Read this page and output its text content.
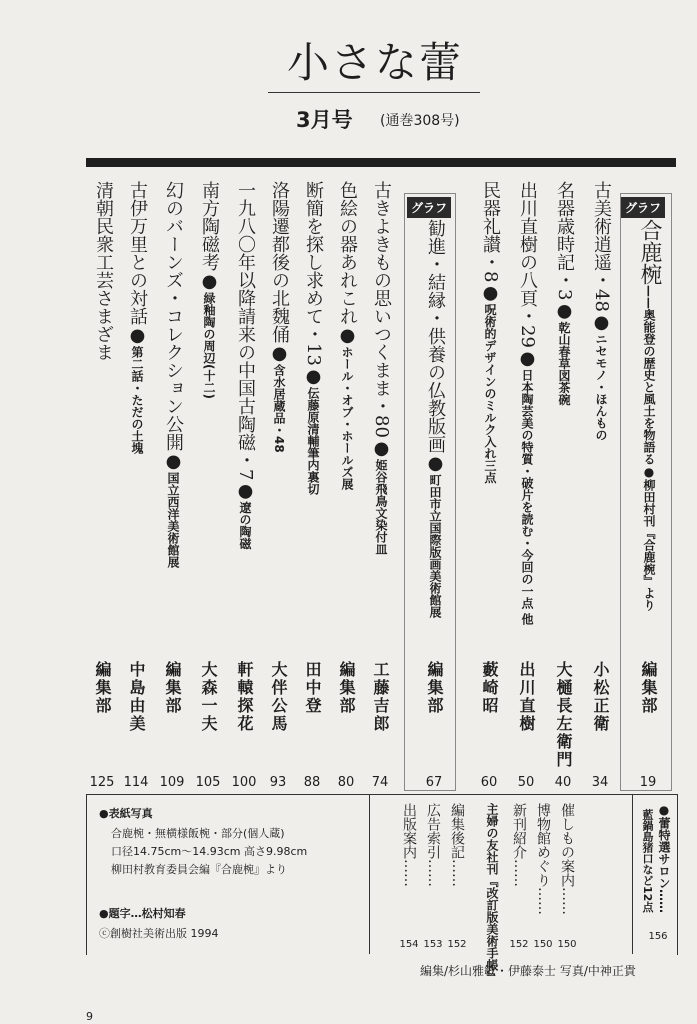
小さな蕾
3月号 (通巻308号)
グラフ
グラフ
合鹿椀——奥能登の歴史と風土を物語る●柳田村刊『合鹿椀』より
編集部
19
古美術逍遥・48●ニセモノ・ほんもの
小松正衛
34
名器歳時記・3●乾山春草図茶碗
大樋長左衛門
40
出川直樹の八頁・29●日本陶芸美の特質・破片を読む・今回の一点 他
出川直樹
50
民器礼讃・8●呪術的デザインのミルク入れ三点
藪崎昭
60
勧進・結縁・供養の仏教版画●町田市立国際版画美術館展
編集部
67
古きよきもの思いつくまま・80●姫谷飛鳥文染付皿
工藤吉郎
74
色絵の器あれこれ●ホール・オブ・ホールズ展
編集部
80
断簡を探し求めて・13●伝藤原清輔筆内裏切
田中登
88
洛陽遷都後の北魏俑●含水居蔵品・48
大伴公馬
93
一九八〇年以降請来の中国古陶磁・7●遼の陶磁
軒轅探花
100
南方陶磁考●緑釉陶の周辺(十二)
大森一夫
105
幻のバーンズ・コレクション公開●国立西洋美術館展
編集部
109
古伊万里との対話●第二話・ただの土塊
中島由美
114
清朝民衆工芸さまざま
編集部
125
●表紙写真
合鹿椀・無横様飯椀・部分(個人蔵)
口径14.75cm〜14.93cm 高さ9.98cm
柳田村教育委員会編『合鹿椀』より
●題字…松村知春
ⓒ創樹社美術出版 1994
催しもの案内……
150
博物館めぐり……
150
新刊紹介……
152
主婦の友社刊『改訂版美術手帳』
編集後記……
152
広告索引……
153
出版案内……
154
●蕾特選サロン……
藍鍋島猪口など12点
156
編集/杉山雅敏・伊藤泰士 写真/中神正貴
9
